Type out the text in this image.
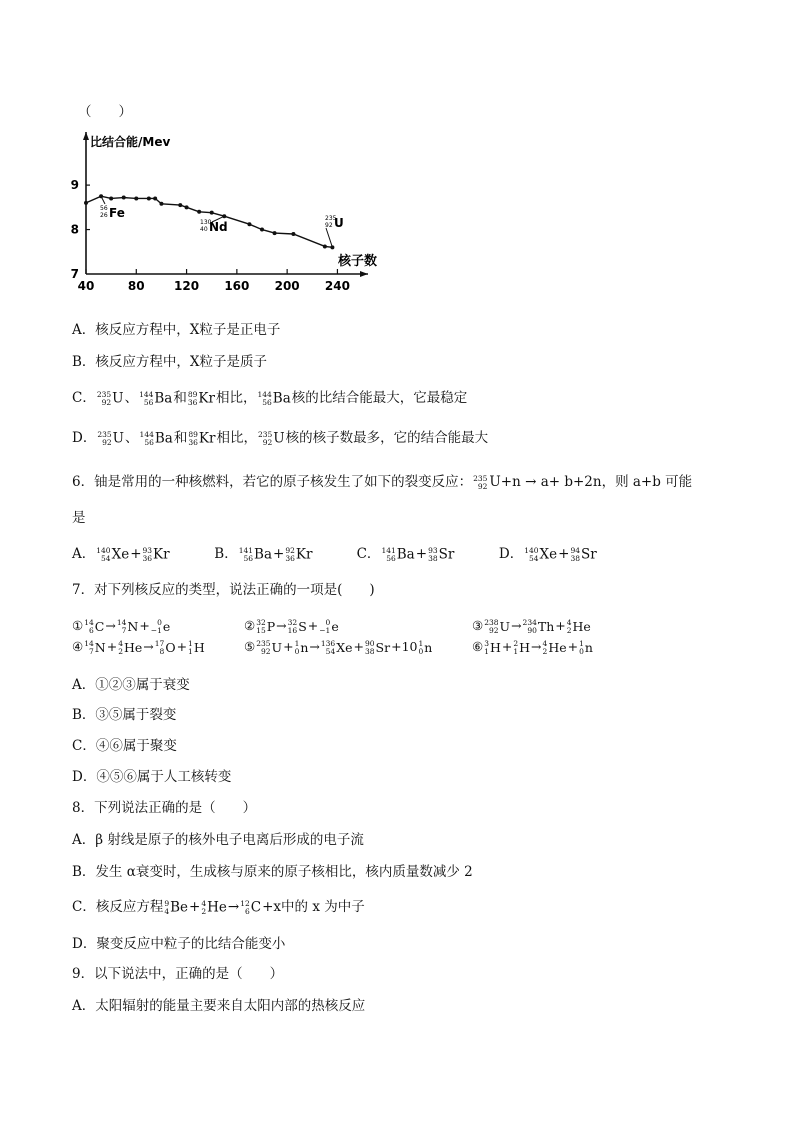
（　　）
比结合能/Mev
核子数
40	80 120 160 200 240
7
8
9
56
26 Fe
130
40 Nd
235
92 U
A．核反应方程中，X粒子是正电子
B．核反应方程中，X粒子是质子
C． 235
92 U、 144
56 Ba和 89
36 Kr相比， 144
56 Ba核的比结合能最大，它最稳定
D． 235
92 U、 144
56 Ba和 89
36 Kr相比， 235
92 U核的核子数最多，它的结合能最大
6．铀是常用的一种核燃料，若它的原子核发生了如下的裂变反应： 235
92 U+n → a+ b+2n，则 a+b 可能
是
A． 140
54 Xe+ 93
36 Kr	B． 141
56 Ba+ 92
36 Kr	C． 141
56 Ba+ 93
38 Sr	D． 140
54 Xe+ 94
38 Sr
7．对下列核反应的类型，说法正确的一项是(　　)
① 14
6 C→ 14
7 N+ 0
−1 e	② 32
15 P→ 32
16 S+ 0
−1 e	③ 238
92 U→ 234
90 Th+ 4
2 He
④ 14
7 N+ 4
2 He→ 17
8 O+ 1
1 H	⑤ 235
92 U+ 1
0 n→ 136
54 Xe+ 90
38 Sr+10 1
0 n	⑥ 3
1 H+ 2
1 H→ 4
2 He+ 1
0 n
A．①②③属于衰变
B．③⑤属于裂变
C．④⑥属于聚变
D．④⑤⑥属于人工核转变
8．下列说法正确的是（　　）
A．β 射线是原子的核外电子电离后形成的电子流
B．发生 α衰变时，生成核与原来的原子核相比，核内质量数减少 2
C．核反应方程 9
4 Be+ 4
2 He→ 12
6 C+x中的 x 为中子
D．聚变反应中粒子的比结合能变小
9．以下说法中，正确的是（　　）
A．太阳辐射的能量主要来自太阳内部的热核反应
